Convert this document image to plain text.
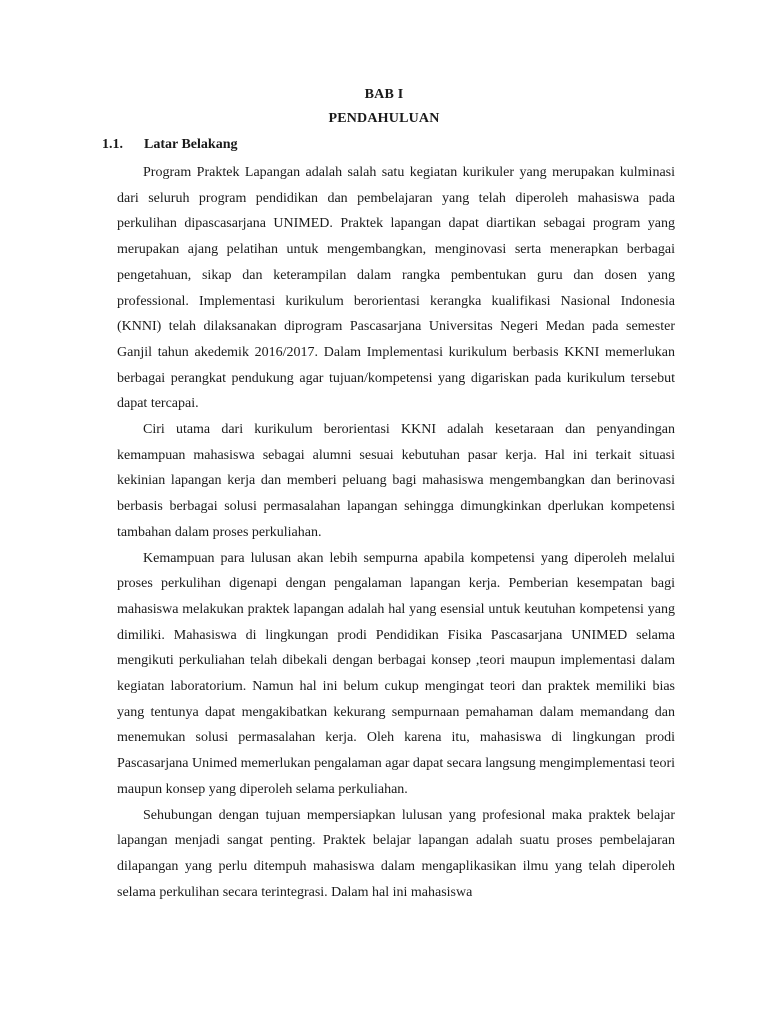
BAB I
PENDAHULUAN
1.1.	Latar Belakang

Program Praktek Lapangan adalah salah satu kegiatan kurikuler yang merupakan kulminasi dari seluruh program pendidikan dan pembelajaran yang telah diperoleh mahasiswa pada perkulihan dipascasarjana UNIMED. Praktek lapangan dapat diartikan sebagai program yang merupakan ajang pelatihan untuk mengembangkan, menginovasi serta menerapkan berbagai pengetahuan, sikap dan keterampilan dalam rangka pembentukan guru dan dosen yang professional. Implementasi kurikulum berorientasi kerangka kualifikasi Nasional Indonesia (KNNI) telah dilaksanakan diprogram Pascasarjana Universitas Negeri Medan pada semester Ganjil tahun akedemik 2016/2017. Dalam Implementasi kurikulum berbasis KKNI memerlukan berbagai perangkat pendukung agar tujuan/kompetensi yang digariskan pada kurikulum tersebut dapat tercapai.

Ciri utama dari kurikulum berorientasi KKNI adalah kesetaraan dan penyandingan kemampuan mahasiswa sebagai alumni sesuai kebutuhan pasar kerja. Hal ini terkait situasi kekinian lapangan kerja dan memberi peluang bagi mahasiswa mengembangkan dan berinovasi berbasis berbagai solusi permasalahan lapangan sehingga dimungkinkan dperlukan kompetensi tambahan dalam proses perkuliahan.

Kemampuan para lulusan akan lebih sempurna apabila kompetensi yang diperoleh melalui proses perkulihan digenapi dengan pengalaman lapangan kerja. Pemberian kesempatan bagi mahasiswa melakukan praktek lapangan adalah hal yang esensial untuk keutuhan kompetensi yang dimiliki. Mahasiswa di lingkungan prodi Pendidikan Fisika Pascasarjana UNIMED selama mengikuti perkuliahan telah dibekali dengan berbagai konsep ,teori maupun implementasi dalam kegiatan laboratorium. Namun hal ini belum cukup mengingat teori dan praktek memiliki bias yang tentunya dapat mengakibatkan kekurang sempurnaan pemahaman dalam memandang dan menemukan solusi permasalahan kerja. Oleh karena itu, mahasiswa di lingkungan prodi Pascasarjana Unimed memerlukan pengalaman agar dapat secara langsung mengimplementasi teori maupun konsep yang diperoleh selama perkuliahan.

Sehubungan dengan tujuan mempersiapkan lulusan yang profesional maka praktek belajar lapangan menjadi sangat penting. Praktek belajar lapangan adalah suatu proses pembelajaran dilapangan yang perlu ditempuh mahasiswa dalam mengaplikasikan ilmu yang telah diperoleh selama perkulihan secara terintegrasi. Dalam hal ini mahasiswa
